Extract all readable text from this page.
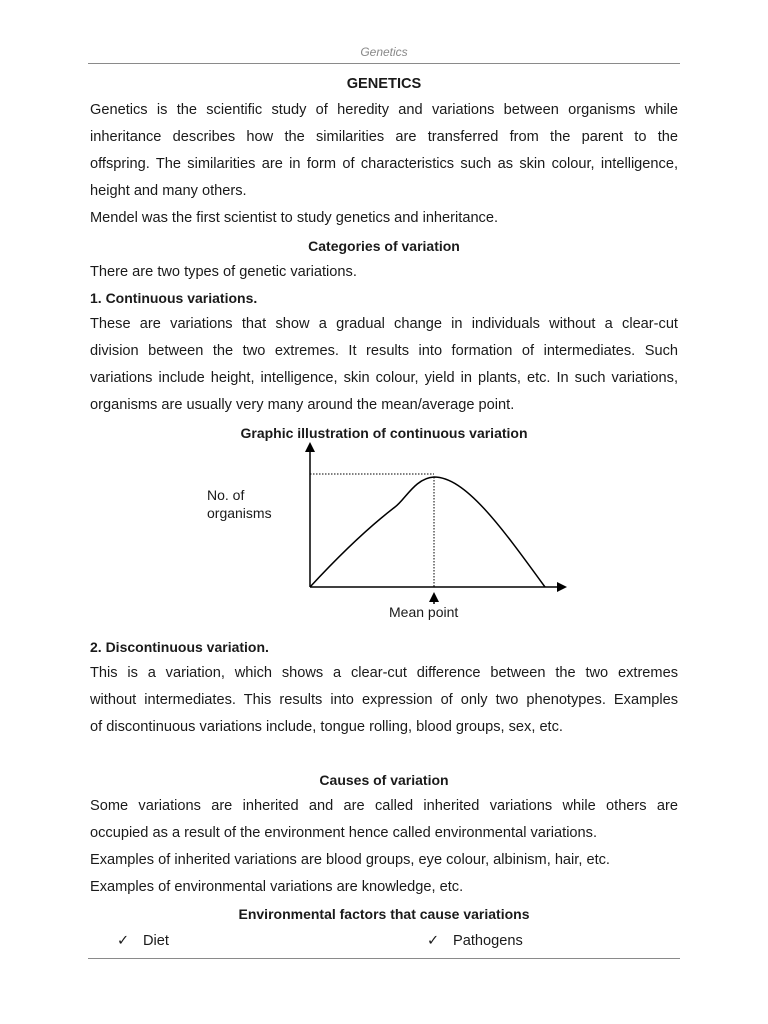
Genetics
GENETICS
Genetics is the scientific study of heredity and variations between organisms while
inheritance describes how the similarities are transferred from the parent to the
offspring. The similarities are in form of characteristics such as skin colour, intelligence,
height and many others.
Mendel was the first scientist to study genetics and inheritance.
Categories of variation
There are two types of genetic variations.
1. Continuous variations.
These are variations that show a gradual change in individuals without a clear-cut
division between the two extremes. It results into formation of intermediates. Such
variations include height, intelligence, skin colour, yield in plants, etc. In such variations,
organisms are usually very many around the mean/average point.
Graphic illustration of continuous variation
No. of
organisms
Mean point
2. Discontinuous variation.
This is a variation, which shows a clear-cut difference between the two extremes
without intermediates. This results into expression of only two phenotypes. Examples
of discontinuous variations include, tongue rolling, blood groups, sex, etc.
Causes of variation
Some variations are inherited and are called inherited variations while others are
occupied as a result of the environment hence called environmental variations.
Examples of inherited variations are blood groups, eye colour, albinism, hair, etc.
Examples of environmental variations are knowledge, etc.
Environmental factors that cause variations
✓ Diet	✓ Pathogens
